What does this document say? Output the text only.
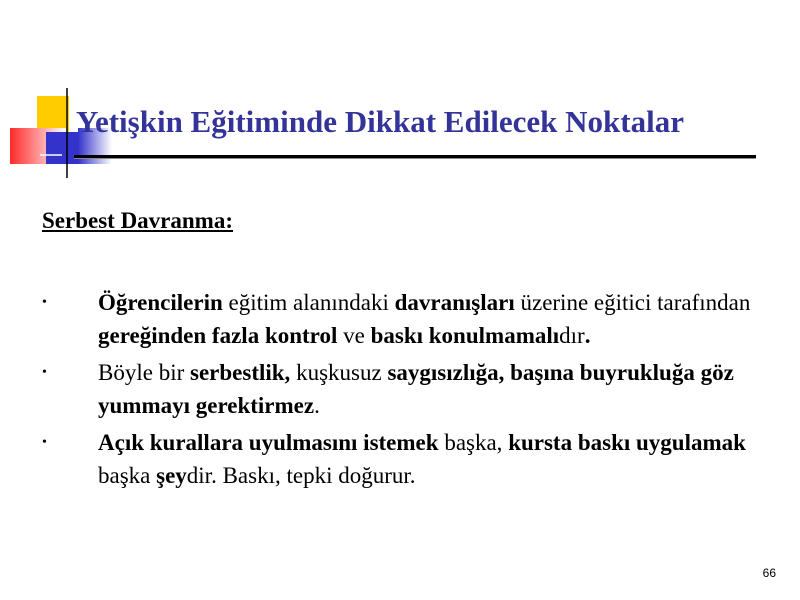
Yetişkin Eğitiminde Dikkat Edilecek Noktalar
Serbest Davranma:
• Öğrencilerin eğitim alanındaki davranışları üzerine eğitici tarafından gereğinden fazla kontrol ve baskı konulmamalıdır.
• Böyle bir serbestlik, kuşkusuz saygısızlığa, başına buyrukluğa göz yummayı gerektirmez.
• Açık kurallara uyulmasını istemek başka, kursta baskı uygulamak başka şeydir. Baskı, tepki doğurur.
66
